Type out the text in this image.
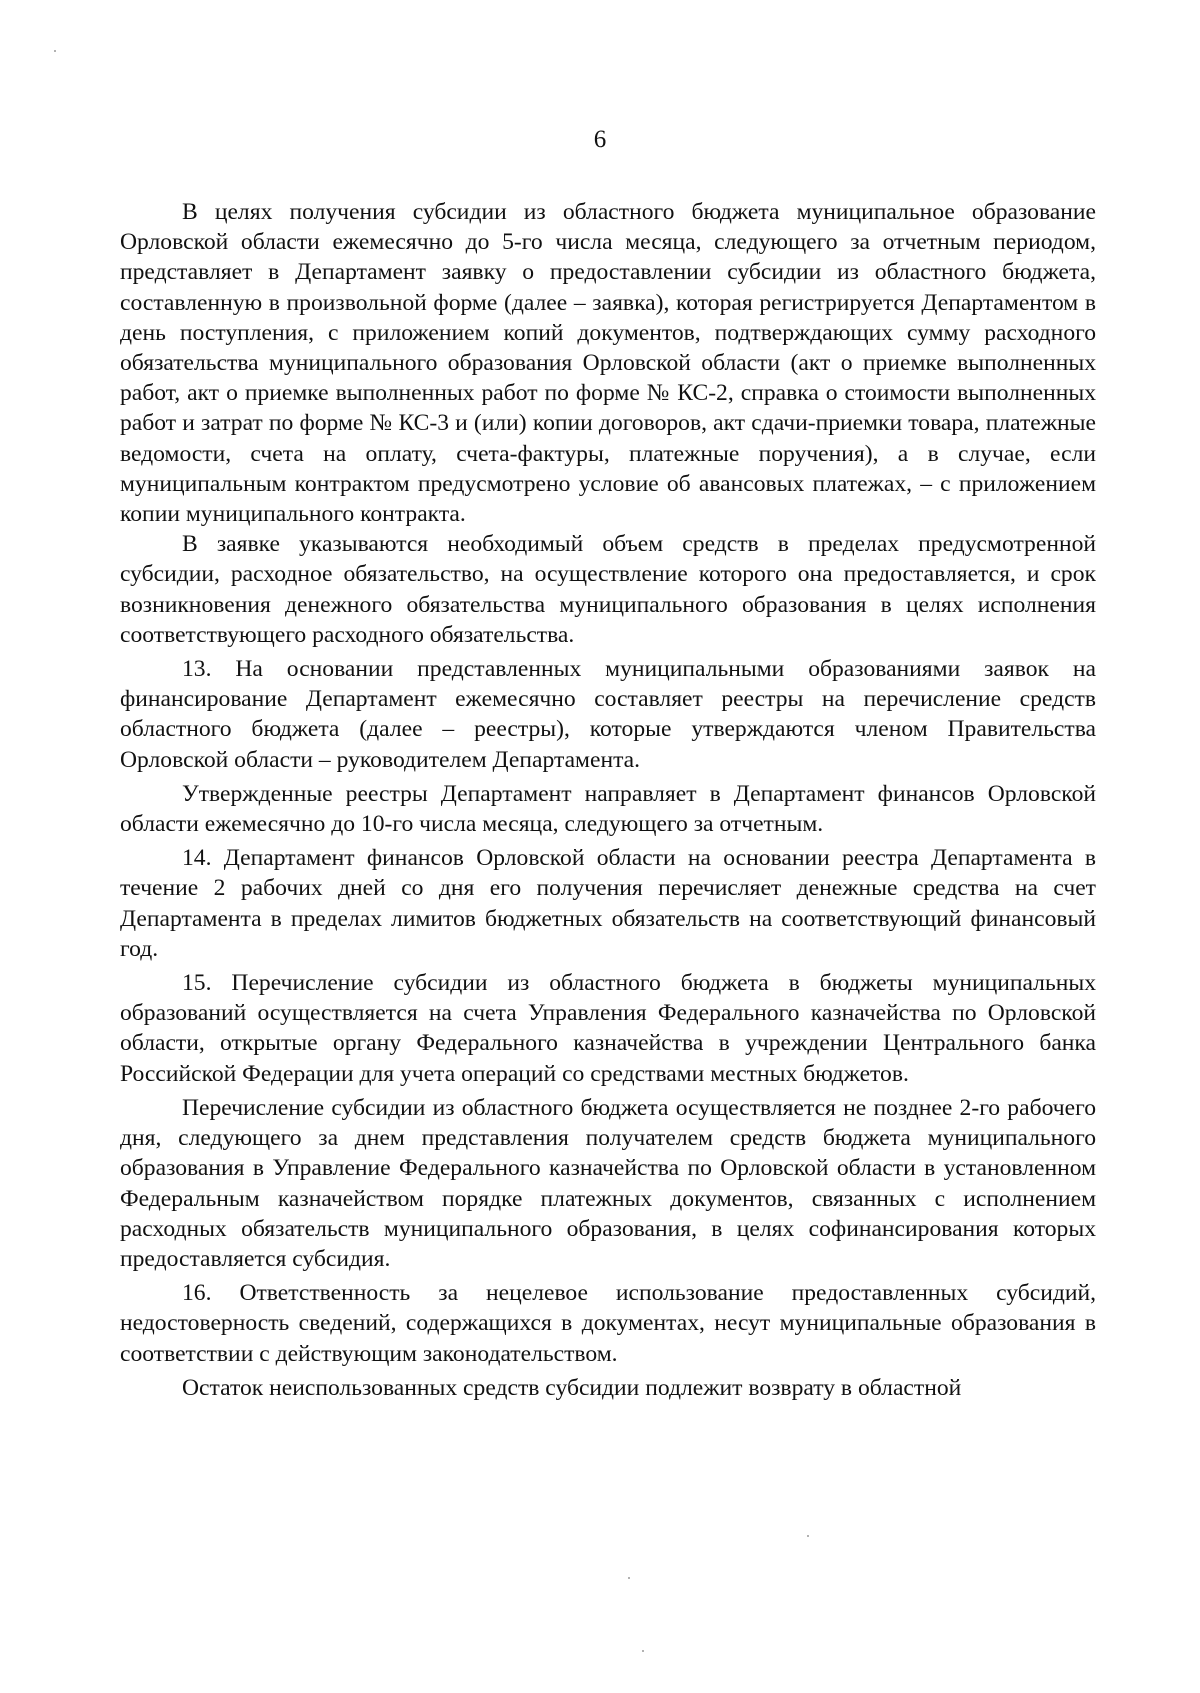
6

В целях получения субсидии из областного бюджета муниципальное образование Орловской области ежемесячно до 5-го числа месяца, следующего за отчетным периодом, представляет в Департамент заявку о предоставлении субсидии из областного бюджета, составленную в произвольной форме (далее – заявка), которая регистрируется Департаментом в день поступления, с приложением копий документов, подтверждающих сумму расходного обязательства муниципального образования Орловской области (акт о приемке выполненных работ, акт о приемке выполненных работ по форме № КС-2, справка о стоимости выполненных работ и затрат по форме № КС-3 и (или) копии договоров, акт сдачи-приемки товара, платежные ведомости, счета на оплату, счета-фактуры, платежные поручения), а в случае, если муниципальным контрактом предусмотрено условие об авансовых платежах, – с приложением копии муниципального контракта.

В заявке указываются необходимый объем средств в пределах предусмотренной субсидии, расходное обязательство, на осуществление которого она предоставляется, и срок возникновения денежного обязательства муниципального образования в целях исполнения соответствующего расходного обязательства.

13. На основании представленных муниципальными образованиями заявок на финансирование Департамент ежемесячно составляет реестры на перечисление средств областного бюджета (далее – реестры), которые утверждаются членом Правительства Орловской области – руководителем Департамента.

Утвержденные реестры Департамент направляет в Департамент финансов Орловской области ежемесячно до 10-го числа месяца, следующего за отчетным.

14. Департамент финансов Орловской области на основании реестра Департамента в течение 2 рабочих дней со дня его получения перечисляет денежные средства на счет Департамента в пределах лимитов бюджетных обязательств на соответствующий финансовый год.

15. Перечисление субсидии из областного бюджета в бюджеты муниципальных образований осуществляется на счета Управления Федерального казначейства по Орловской области, открытые органу Федерального казначейства в учреждении Центрального банка Российской Федерации для учета операций со средствами местных бюджетов.

Перечисление субсидии из областного бюджета осуществляется не позднее 2-го рабочего дня, следующего за днем представления получателем средств бюджета муниципального образования в Управление Федерального казначейства по Орловской области в установленном Федеральным казначейством порядке платежных документов, связанных с исполнением расходных обязательств муниципального образования, в целях софинансирования которых предоставляется субсидия.

16. Ответственность за нецелевое использование предоставленных субсидий, недостоверность сведений, содержащихся в документах, несут муниципальные образования в соответствии с действующим законодательством.

Остаток неиспользованных средств субсидии подлежит возврату в областной
